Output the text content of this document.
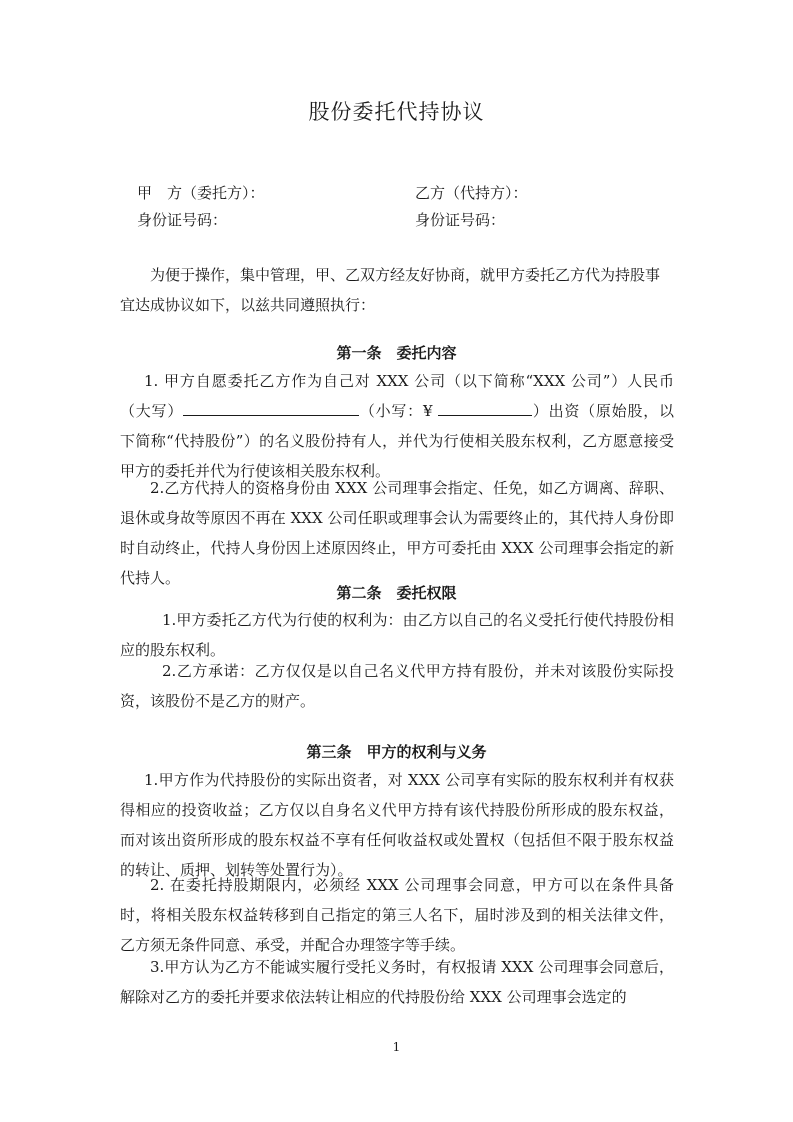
股份委托代持协议
甲　方（委托方）：	乙方（代持方）：
身份证号码：	身份证号码：

为便于操作，集中管理，甲、乙双方经友好协商，就甲方委托乙方代为持股事宜达成协议如下，以兹共同遵照执行：

第一条　委托内容

1. 甲方自愿委托乙方作为自己对 XXX 公司（以下简称“XXX 公司”）人民币（大写）	（小写：¥	）出资（原始股，以下简称“代持股份”）的名义股份持有人，并代为行使相关股东权利，乙方愿意接受甲方的委托并代为行使该相关股东权利。

2.乙方代持人的资格身份由 XXX 公司理事会指定、任免，如乙方调离、辞职、退休或身故等原因不再在 XXX 公司任职或理事会认为需要终止的，其代持人身份即时自动终止，代持人身份因上述原因终止，甲方可委托由 XXX 公司理事会指定的新代持人。

第二条　委托权限

1.甲方委托乙方代为行使的权利为：由乙方以自己的名义受托行使代持股份相应的股东权利。

2.乙方承诺：乙方仅仅是以自己名义代甲方持有股份，并未对该股份实际投资，该股份不是乙方的财产。

第三条　甲方的权利与义务

1.甲方作为代持股份的实际出资者，对 XXX 公司享有实际的股东权利并有权获得相应的投资收益；乙方仅以自身名义代甲方持有该代持股份所形成的股东权益，而对该出资所形成的股东权益不享有任何收益权或处置权（包括但不限于股东权益的转让、质押、划转等处置行为）。

2. 在委托持股期限内，必须经 XXX 公司理事会同意，甲方可以在条件具备时，将相关股东权益转移到自己指定的第三人名下，届时涉及到的相关法律文件，乙方须无条件同意、承受，并配合办理签字等手续。

3.甲方认为乙方不能诚实履行受托义务时，有权报请 XXX 公司理事会同意后，解除对乙方的委托并要求依法转让相应的代持股份给 XXX 公司理事会选定的

1
